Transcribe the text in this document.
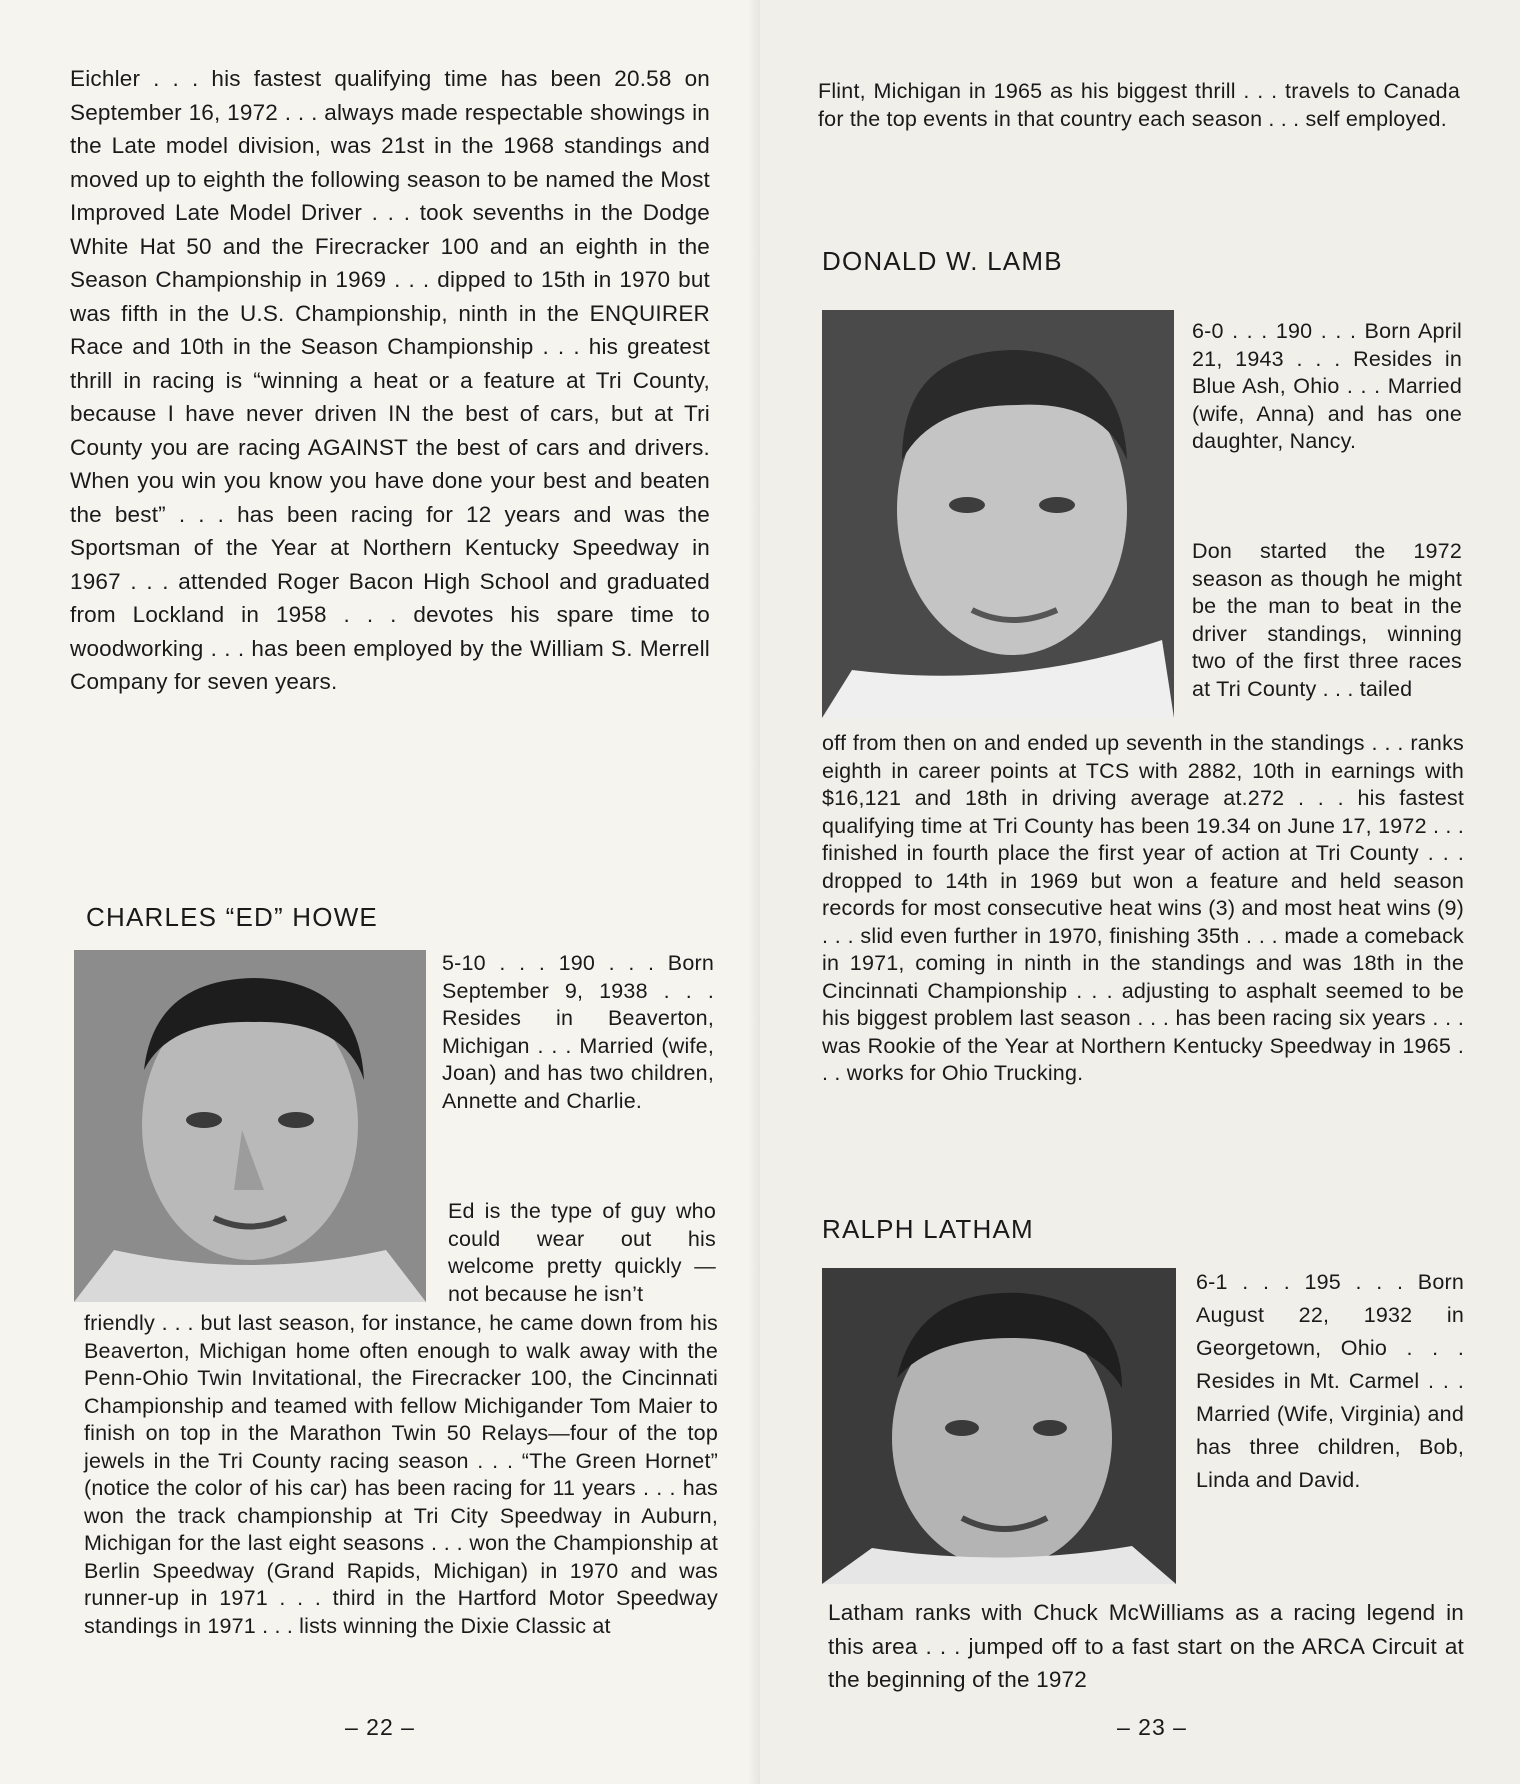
Eichler . . . his fastest qualifying time has been 20.58 on September 16, 1972 . . . always made respectable showings in the Late model division, was 21st in the 1968 standings and moved up to eighth the following season to be named the Most Improved Late Model Driver . . . took sevenths in the Dodge White Hat 50 and the Firecracker 100 and an eighth in the Season Championship in 1969 . . . dipped to 15th in 1970 but was fifth in the U.S. Championship, ninth in the ENQUIRER Race and 10th in the Season Championship . . . his greatest thrill in racing is “winning a heat or a feature at Tri County, because I have never driven IN the best of cars, but at Tri County you are racing AGAINST the best of cars and drivers. When you win you know you have done your best and beaten the best” . . . has been racing for 12 years and was the Sportsman of the Year at Northern Kentucky Speedway in 1967 . . . attended Roger Bacon High School and graduated from Lockland in 1958 . . . devotes his spare time to woodworking . . . has been employed by the William S. Merrell Company for seven years.

CHARLES “ED” HOWE

5-10 . . . 190 . . . Born September 9, 1938 . . . Resides in Beaverton, Michigan . . . Married (wife, Joan) and has two children, Annette and Charlie.

Ed is the type of guy who could wear out his welcome pretty quickly — not because he isn’t

friendly . . . but last season, for instance, he came down from his Beaverton, Michigan home often enough to walk away with the Penn-Ohio Twin Invitational, the Firecracker 100, the Cincinnati Championship and teamed with fellow Michigander Tom Maier to finish on top in the Marathon Twin 50 Relays—four of the top jewels in the Tri County racing season . . . “The Green Hornet” (notice the color of his car) has been racing for 11 years . . . has won the track championship at Tri City Speedway in Auburn, Michigan for the last eight seasons . . . won the Championship at Berlin Speedway (Grand Rapids, Michigan) in 1970 and was runner-up in 1971 . . . third in the Hartford Motor Speedway standings in 1971 . . . lists winning the Dixie Classic at

– 22 –

Flint, Michigan in 1965 as his biggest thrill . . . travels to Canada for the top events in that country each season . . . self employed.

DONALD W. LAMB

6-0 . . . 190 . . . Born April 21, 1943 . . . Resides in Blue Ash, Ohio . . . Married (wife, Anna) and has one daughter, Nancy.

Don started the 1972 season as though he might be the man to beat in the driver standings, winning two of the first three races at Tri County . . . tailed

off from then on and ended up seventh in the standings . . . ranks eighth in career points at TCS with 2882, 10th in earnings with $16,121 and 18th in driving average at.272 . . . his fastest qualifying time at Tri County has been 19.34 on June 17, 1972 . . . finished in fourth place the first year of action at Tri County . . . dropped to 14th in 1969 but won a feature and held season records for most consecutive heat wins (3) and most heat wins (9) . . . slid even further in 1970, finishing 35th . . . made a comeback in 1971, coming in ninth in the standings and was 18th in the Cincinnati Championship . . . adjusting to asphalt seemed to be his biggest problem last season . . . has been racing six years . . . was Rookie of the Year at Northern Kentucky Speedway in 1965 . . . works for Ohio Trucking.

RALPH LATHAM

6-1 . . . 195 . . . Born August 22, 1932 in Georgetown, Ohio . . . Resides in Mt. Carmel . . . Married (Wife, Virginia) and has three children, Bob, Linda and David.

Latham ranks with Chuck McWilliams as a racing legend in this area . . . jumped off to a fast start on the ARCA Circuit at the beginning of the 1972

– 23 –
